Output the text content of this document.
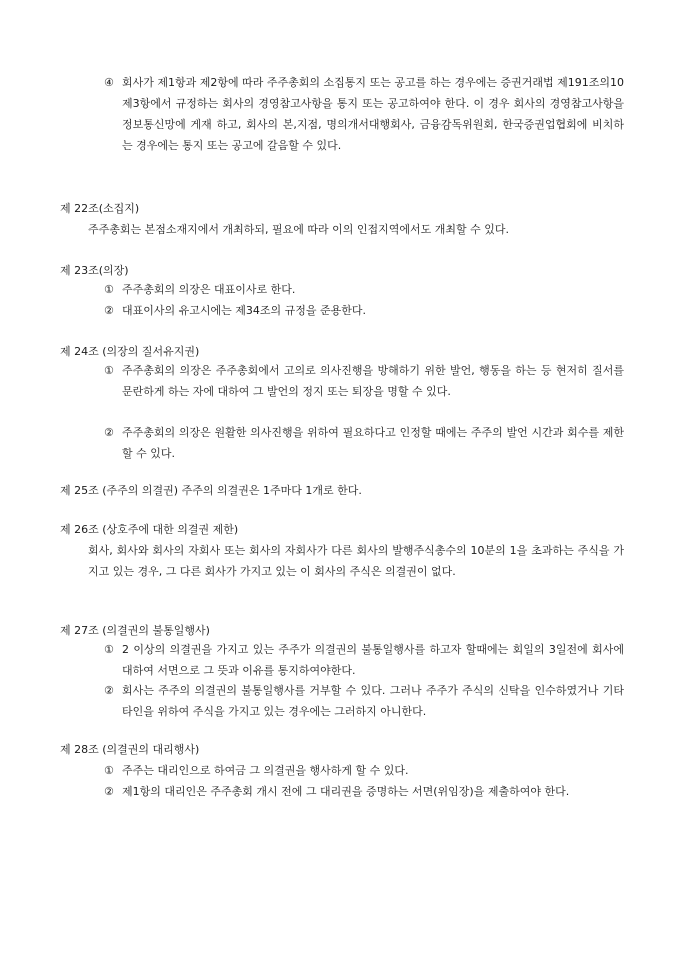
④ 회사가 제1항과 제2항에 따라 주주총회의 소집통지 또는 공고를 하는 경우에는 증권거래법 제191조의10 제3항에서 규정하는 회사의 경영참고사항을 통지 또는 공고하여야 한다. 이 경우 회사의 경영참고사항을 정보통신망에 게재 하고, 회사의 본,지점, 명의개서대행회사, 금융감독위원회, 한국증권업협회에 비치하는 경우에는 통지 또는 공고에 갈음할 수 있다.
제 22조(소집지)
주주총회는 본점소재지에서 개최하되, 필요에 따라 이의 인접지역에서도 개최할 수 있다.
제 23조(의장)
① 주주총회의 의장은 대표이사로 한다.
② 대표이사의 유고시에는 제34조의 규정을 준용한다.
제 24조 (의장의 질서유지권)
① 주주총회의 의장은 주주총회에서 고의로 의사진행을 방해하기 위한 발언, 행동을 하는 등 현저히 질서를 문란하게 하는 자에 대하여 그 발언의 정지 또는 퇴장을 명할 수 있다.
② 주주총회의 의장은 원활한 의사진행을 위하여 필요하다고 인정할 때에는 주주의 발언 시간과 회수를 제한할 수 있다.
제 25조 (주주의 의결권) 주주의 의결권은 1주마다 1개로 한다.
제 26조 (상호주에 대한 의결권 제한)
회사, 회사와 회사의 자회사 또는 회사의 자회사가 다른 회사의 발행주식총수의 10분의 1을 초과하는 주식을 가지고 있는 경우, 그 다른 회사가 가지고 있는 이 회사의 주식은 의결권이 없다.
제 27조 (의결권의 불통일행사)
① 2 이상의 의결권을 가지고 있는 주주가 의결권의 불통일행사를 하고자 할때에는 회일의 3일전에 회사에 대하여 서면으로 그 뜻과 이유를 통지하여야한다.
② 회사는 주주의 의결권의 불통일행사를 거부할 수 있다. 그러나 주주가 주식의 신탁을 인수하였거나 기타 타인을 위하여 주식을 가지고 있는 경우에는 그러하지 아니한다.
제 28조 (의결권의 대리행사)
① 주주는 대리인으로 하여금 그 의결권을 행사하게 할 수 있다.
② 제1항의 대리인은 주주총회 개시 전에 그 대리권을 증명하는 서면(위임장)을 제출하여야 한다.
